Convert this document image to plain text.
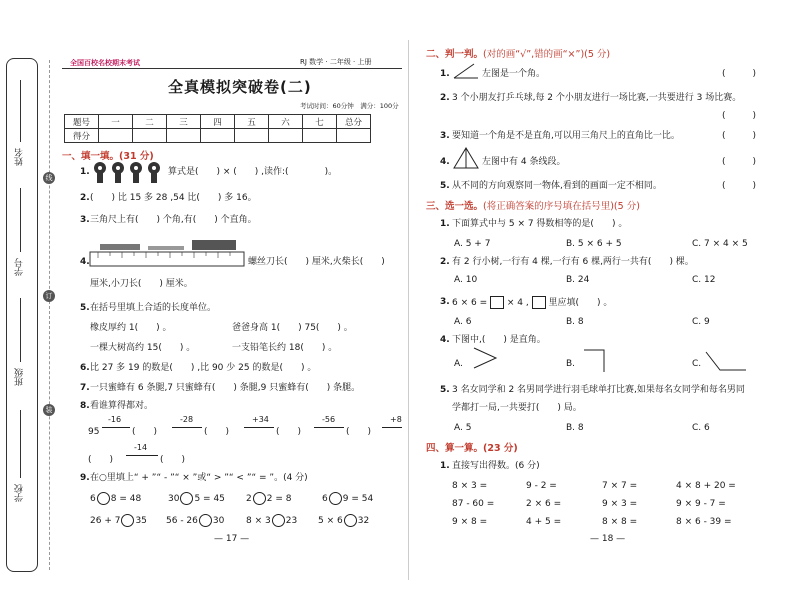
姓名
学号
班级
学校
线
订
装
全国百校名校期末考试	RJ 数学 · 二年级 · 上册
全真模拟突破卷(二)
考试时间：60分钟　满分：100分
题号	一	二	三	四	五	六	七	总分
得分								
一、填一填。(31 分)
1.	算式是(　　) × (　　) ,读作:(　　　　)。
2. (　　) 比 15 多 28 ,54 比(　　) 多 16。
3. 三角尺上有(　　) 个角,有(　　) 个直角。
4.	螺丝刀长(　　) 厘米,火柴长(　　)
厘米,小刀长(　　) 厘米。
5. 在括号里填上合适的长度单位。
橡皮厚约 1(　　) 。	爸爸身高 1(　　) 75(　　) 。
一棵大树高约 15(　　) 。	一支铅笔长约 18(　　) 。
6. 比 27 多 19 的数是(　　) ,比 90 少 25 的数是(　　) 。
7. 一只蜜蜂有 6 条腿,7 只蜜蜂有(　　) 条腿,9 只蜜蜂有(　　) 条腿。
8. 看谁算得都对。
95
-16
(　　)
-28
(　　)
+34
(　　)
-56
(　　)
+8
-14
(　　)	(　　)
9. 在○里填上“ + ”“ - ”“ × ”或“ > ”“ < ”“ = ”。(4 分)
6 8 = 48	30 5 = 45 2 2 = 8	6 9 = 54
26 + 7 35 56 - 26 30 8 × 3 23 5 × 6 32
— 17 —
二、判一判。(对的画“√”,错的画“×”)(5 分)
1.	左图是一个角。	(　　　)
2. 3 个小朋友打乒乓球,每 2 个小朋友进行一场比赛,一共要进行 3 场比赛。
(　　　)
3. 要知道一个角是不是直角,可以用三角尺上的直角比一比。	(　　　)
4.	左图中有 4 条线段。	(　　　)
5. 从不同的方向观察同一物体,看到的画面一定不相同。	(　　　)
三、选一选。(将正确答案的序号填在括号里)(5 分)
1. 下面算式中与 5 × 7 得数相等的是(　　) 。
A. 5 + 7	B. 5 × 6 + 5	C. 7 × 4 × 5
2. 有 2 行小树,一行有 4 棵,一行有 6 棵,两行一共有(　　) 棵。
A. 10	B. 24	C. 12
3. 6 × 6 = × 4 , 里应填(　　) 。
A. 6	B. 8	C. 9
4. 下图中,(　　) 是直角。
A.	B.	C.
5. 3 名女同学和 2 名男同学进行羽毛球单打比赛,如果每名女同学和每名男同
学都打一局,一共要打(　　) 局。
A. 5	B. 8	C. 6
四、算一算。(23 分)
1. 直接写出得数。(6 分)
8 × 3 =	9 - 2 =	7 × 7 =	4 × 8 + 20 =
87 - 60 =	2 × 6 =	9 × 3 =	9 × 9 - 7 =
9 × 8 =	4 + 5 =	8 × 8 =	8 × 6 - 39 =
— 18 —
